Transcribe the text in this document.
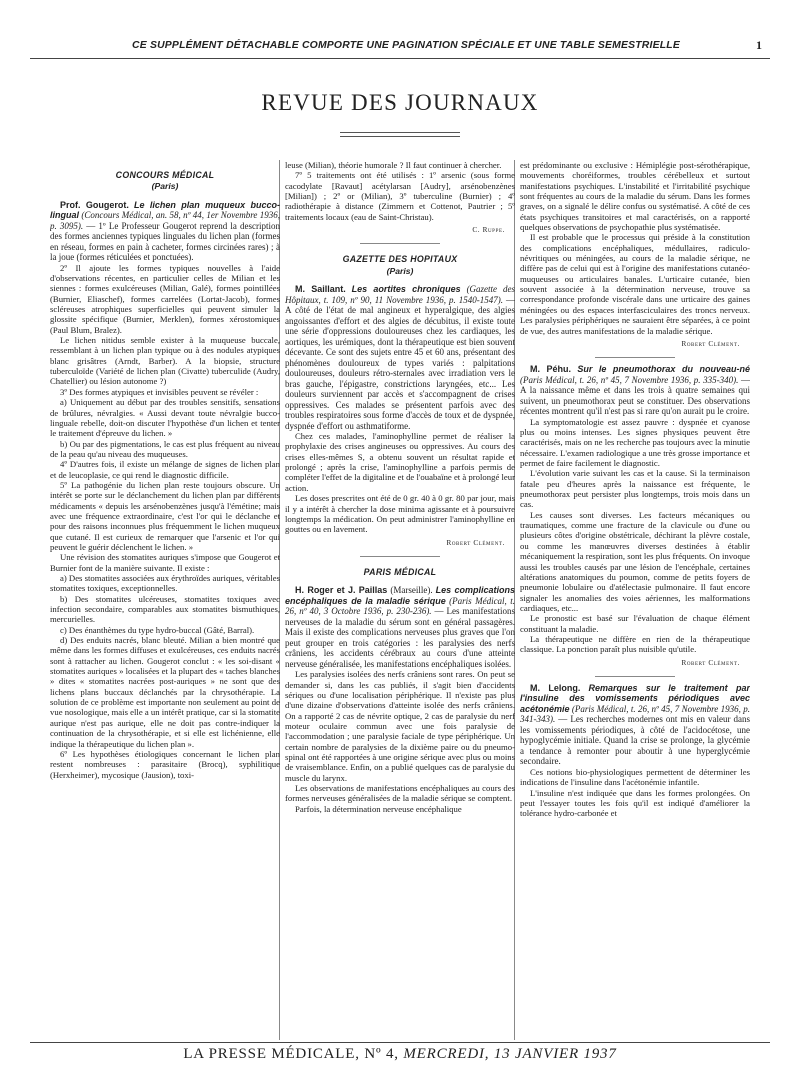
CE SUPPLÉMENT DÉTACHABLE COMPORTE UNE PAGINATION SPÉCIALE ET UNE TABLE SEMESTRIELLE	1
REVUE DES JOURNAUX
CONCOURS MÉDICAL
(Paris)

Prof. Gougerot. Le lichen plan muqueux bucco-lingual (Concours Médical, an. 58, nº 44, 1er Novembre 1936, p. 3095). — 1º Le Professeur Gougerot reprend la description des formes anciennes typiques linguales du lichen plan (formes en réseau, formes en pain à cacheter, formes circinées rares) ; à la joue (formes réticulées et ponctuées).

2º Il ajoute les formes typiques nouvelles à l'aide d'observations récentes, en particulier celles de Milian et les siennes : formes exulcéreuses (Milian, Galé), formes pointillées (Burnier, Eliaschef), formes carrelées (Lortat-Jacob), formes scléreuses atrophiques superficielles qui peuvent simuler la glossite spécifique (Burnier, Merklen), formes xérostomiques (Paul Blum, Bralez).

Le lichen nitidus semble exister à la muqueuse buccale, ressemblant à un lichen plan typique ou à des nodules atypiques blanc grisâtres (Arndt, Barber). A la biopsie, structure tuberculoïde (Variété de lichen plan (Civatte) tuberculide (Audry, Chatellier) ou lésion autonome ?)

3º Des formes atypiques et invisibles peuvent se révéler :

a) Uniquement au début par des troubles sensitifs, sensations de brûlures, névralgies. « Aussi devant toute névralgie bucco-linguale rebelle, doit-on discuter l'hypothèse d'un lichen et tenter le traitement d'épreuve du lichen. »

b) Ou par des pigmentations, le cas est plus fréquent au niveau de la peau qu'au niveau des muqueuses.

4º D'autres fois, il existe un mélange de signes de lichen plan et de leucoplasie, ce qui rend le diagnostic difficile.

5º La pathogénie du lichen plan reste toujours obscure. Un intérêt se porte sur le déclanchement du lichen plan par différents médicaments « depuis les arsénobenzènes jusqu'à l'émétine; mais avec une fréquence extraordinaire, c'est l'or qui le déclanche et pour des raisons inconnues plus fréquemment le lichen muqueux que cutané. Il est curieux de remarquer que l'arsenic et l'or qui peuvent le guérir déclenchent le lichen. »

Une révision des stomatites auriques s'impose que Gougerot et Burnier font de la manière suivante. Il existe :

a) Des stomatites associées aux érythroïdes auriques, véritables stomatites toxiques, exceptionnelles.

b) Des stomatites ulcéreuses, stomatites toxiques avec infection secondaire, comparables aux stomatites bismuthiques, mercurielles.

c) Des énanthèmes du type hydro-buccal (Gâté, Barral).

d) Des enduits nacrés, blanc bleuté. Milian a bien montré que même dans les formes diffuses et exulcéreuses, ces enduits nacrés sont à rattacher au lichen. Gougerot conclut : « les soi-disant « stomatites auriques » localisées et la plupart des « taches blanches » dites « stomatites nacrées post-auriques » ne sont que des lichens plans buccaux déclanchés par la chrysothérapie. La solution de ce problème est importante non seulement au point de vue nosologique, mais elle a un intérêt pratique, car si la stomatite aurique n'est pas aurique, elle ne doit pas contre-indiquer la continuation de la chrysothérapie, et si elle est lichénienne, elle indique la thérapeutique du lichen plan ».

6º Les hypothèses étiologiques concernant le lichen plan restent nombreuses : parasitaire (Brocq), syphilitique (Herxheimer), mycosique (Jausion), toxi-

leuse (Milian), théorie humorale ? Il faut continuer à chercher.

7º 5 traitements ont été utilisés : 1º arsenic (sous forme cacodylate [Ravaut] acétylarsan [Audry], arsénobenzènes [Milian]) ; 2º or (Milian), 3º tuberculine (Burnier) ; 4º radiothérapie à distance (Zimmern et Cottenot, Pautrier ; 5º traitements locaux (eau de Saint-Christau).

C. Ruppe.
GAZETTE DES HOPITAUX
(Paris)

M. Saillant. Les aortites chroniques (Gazette des Hôpitaux, t. 109, nº 90, 11 Novembre 1936, p. 1540-1547). — A côté de l'état de mal angineux et hyperalgique, des algies angoissantes d'effort et des algies de décubitus, il existe toute une série d'oppressions douloureuses chez les cardiaques, les aortiques, les urémiques, dont la thérapeutique est bien souvent décevante. Ce sont des sujets entre 45 et 60 ans, présentant des phénomènes douloureux de types variés : palpitations douloureuses, douleurs rétro-sternales avec irradiation vers le bras gauche, l'épigastre, constrictions laryngées, etc... Les douleurs surviennent par accès et s'accompagnent de crises oppressives. Ces malades se présentent parfois avec des troubles respiratoires sous forme d'accès de toux et de dyspnée, dyspnée d'effort ou asthmatiforme.

Chez ces malades, l'aminophylline permet de réaliser la prophylaxie des crises angineuses ou oppressives. Au cours des crises elles-mêmes S, a obtenu souvent un résultat rapide et prolongé ; après la crise, l'aminophylline a parfois permis de compléter l'effet de la digitaline et de l'ouabaïne et à prolongé leur action.

Les doses prescrites ont été de 0 gr. 40 à 0 gr. 80 par jour, mais il y a intérêt à chercher la dose minima agissante et à poursuivre longtemps la médication. On peut administrer l'aminophylline en gouttes ou en lavement.

Robert Clément.
PARIS MÉDICAL

H. Roger et J. Paillas (Marseille). Les complications encéphaliques de la maladie sérique (Paris Médical, t. 26, nº 40, 3 Octobre 1936, p. 230-236). — Les manifestations nerveuses de la maladie du sérum sont en général passagères. Mais il existe des complications nerveuses plus graves que l'on peut grouper en trois catégories : les paralysies des nerfs crâniens, les accidents cérébraux au cours d'une atteinte nerveuse généralisée, les manifestations encéphaliques isolées.

Les paralysies isolées des nerfs crâniens sont rares. On peut se demander si, dans les cas publiés, il s'agit bien d'accidents sériques ou d'une localisation périphérique. Il n'existe pas plus d'une dizaine d'observations d'atteinte isolée des nerfs crâniens. On a rapporté 2 cas de névrite optique, 2 cas de paralysie du nerf moteur oculaire commun avec une fois paralysie de l'accommodation ; une paralysie faciale de type périphérique. Un certain nombre de paralysies de la dixième paire ou du pneumo-spinal ont été rapportées à une origine sérique avec plus ou moins de vraisemblance. Enfin, on a publié quelques cas de paralysie du muscle du larynx.

Les observations de manifestations encéphaliques au cours des formes nerveuses généralisées de la maladie sérique se comptent.

Parfois, la détermination nerveuse encéphalique

est prédominante ou exclusive : Hémiplégie post-sérothérapique, mouvements choréiformes, troubles cérébelleux et surtout manifestations psychiques. L'instabilité et l'irritabilité psychique sont fréquentes au cours de la maladie du sérum. Dans les formes graves, on a signalé le délire confus ou systématisé. A côté de ces états psychiques transitoires et mal caractérisés, on a rapporté quelques observations de psychopathie plus systématisée.

Il est probable que le processus qui préside à la constitution des complications encéphaliques, médullaires, radiculo-névritiques ou méningées, au cours de la maladie sérique, ne diffère pas de celui qui est à l'origine des manifestations cutanéo-muqueuses ou articulaires banales. L'urticaire cutanée, bien souvent associée à la détermination nerveuse, trouve sa correspondance profonde viscérale dans une urticaire des gaines méningées ou des espaces interfasciculaires des troncs nerveux. Les paralysies périphériques ne sauraient être séparées, à ce point de vue, des autres manifestations de la maladie sérique.

Robert Clément.

M. Péhu. Sur le pneumothorax du nouveau-né (Paris Médical, t. 26, nº 45, 7 Novembre 1936, p. 335-340). — A la naissance même et dans les trois à quatre semaines qui suivent, un pneumothorax peut se constituer. Des observations récentes montrent qu'il n'est pas si rare qu'on aurait pu le croire.

La symptomatologie est assez pauvre : dyspnée et cyanose plus ou moins intenses. Les signes physiques peuvent être caractérisés, mais on ne les recherche pas toujours avec la minutie nécessaire. L'examen radiologique a une très grosse importance et permet de faire facilement le diagnostic.

L'évolution varie suivant les cas et la cause. Si la terminaison fatale peu d'heures après la naissance est fréquente, le pneumothorax peut persister plus longtemps, trois mois dans un cas.

Les causes sont diverses. Les facteurs mécaniques ou traumatiques, comme une fracture de la clavicule ou d'une ou plusieurs côtes d'origine obstétricale, déchirant la plèvre costale, ou comme les manœuvres diverses destinées à établir mécaniquement la respiration, sont les plus fréquents. On invoque aussi les troubles causés par une lésion de l'encéphale, certaines altérations anatomiques du poumon, comme de petits foyers de pneumonie lobulaire ou d'atélectasie pulmonaire. Il faut encore signaler les anomalies des voies aériennes, les malformations cardiaques, etc...

Le pronostic est basé sur l'évaluation de chaque élément constituant la maladie.

La thérapeutique ne diffère en rien de la thérapeutique classique. La ponction paraît plus nuisible qu'utile.

Robert Clément.

M. Lelong. Remarques sur le traitement par l'insuline des vomissements périodiques avec acétonémie (Paris Médical, t. 26, nº 45, 7 Novembre 1936, p. 341-343). — Les recherches modernes ont mis en valeur dans les vomissements périodiques, à côté de l'acidocétose, une hypoglycémie initiale. Quand la crise se prolonge, la glycémie a tendance à remonter pour aboutir à une hyperglycémie secondaire.

Ces notions bio-physiologiques permettent de déterminer les indications de l'insuline dans l'acétonémie infantile.

L'insuline n'est indiquée que dans les formes prolongées. On peut l'essayer toutes les fois qu'il est indiqué d'améliorer la tolérance hydro-carbonée et

LA PRESSE MÉDICALE, Nº 4, MERCREDI, 13 JANVIER 1937
